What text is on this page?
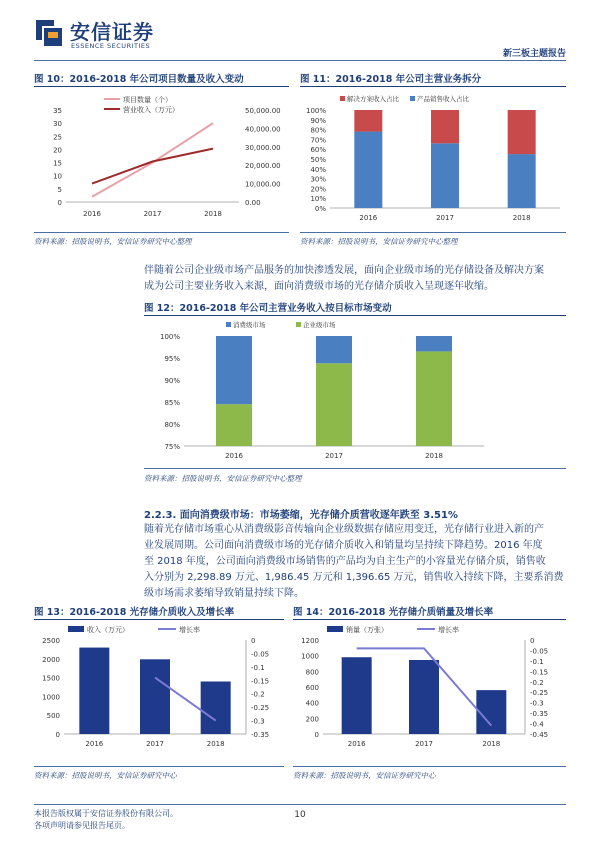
安信证券
ESSENCE SECURITIES
新三板主题报告
图 10：2016-2018 年公司项目数量及收入变动
0
5
10
15
20
25
30
35
0.00
10,000.00
20,000.00
30,000.00
40,000.00
50,000.00
2016	2017	2018
项目数量（个）
营业收入（万元）
资料来源：招股说明书，安信证券研究中心整理
图 11：2016-2018 年公司主营业务拆分
0%
10%
20%
30%
40%
50%
60%
70%
80%
90%
100%
2016	2017	2018
解决方案收入占比	产品销售收入占比
资料来源：招股说明书，安信证券研究中心整理
伴随着公司企业级市场产品服务的加快渗透发展，面向企业级市场的光存储设备及解决方案
成为公司主要业务收入来源，面向消费级市场的光存储介质收入呈现逐年收缩。
图 12：2016-2018 年公司主营业务收入按目标市场变动
75%
80%
85%
90%
95%
100%
2016	2017	2018
消费级市场	企业级市场
资料来源：招股说明书，安信证券研究中心整理
2.2.3. 面向消费级市场：市场萎缩，光存储介质营收逐年跌至 3.51%
随着光存储市场重心从消费级影音传输向企业级数据存储应用变迁，光存储行业进入新的产
业发展周期。公司面向消费级市场的光存储介质收入和销量均呈持续下降趋势。2016 年度
至 2018 年度，公司面向消费级市场销售的产品均为自主生产的小容量光存储介质，销售收
入分别为 2,298.89 万元、1,986.45 万元和 1,396.65 万元，销售收入持续下降，主要系消费
级市场需求萎缩导致销量持续下降。
图 13：2016-2018 光存储介质收入及增长率
0
500
1000
1500
2000
2500	0
-0.05
-0.1
-0.15
-0.2
-0.25
-0.3
-0.35
2016	2017	2018
收入（万元）	增长率
资料来源：招股说明书，安信证券研究中心
图 14：2016-2018 光存储介质销量及增长率
0
200
400
600
800
1000
1200	0
-0.05
-0.1
-0.15
-0.2
-0.25
-0.3
-0.35
-0.4
-0.45
2016	2017	2018
销量（万张）	增长率
资料来源：招股说明书，安信证券研究中心
本报告版权属于安信证券股份有限公司。
各项声明请参见报告尾页。
10
